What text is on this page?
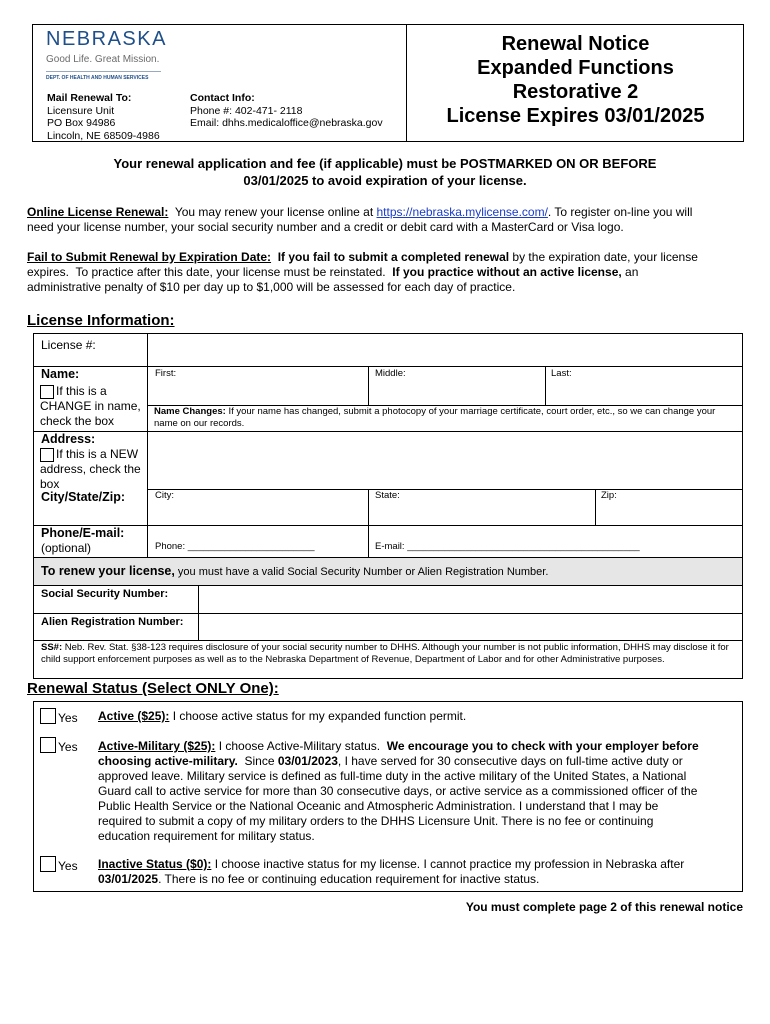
NEBRASKA
Good Life. Great Mission.
DEPT. OF HEALTH AND HUMAN SERVICES
Mail Renewal To:
Licensure Unit
PO Box 94986
Lincoln, NE 68509-4986
Contact Info:
Phone #: 402-471- 2118
Email: dhhs.medicaloffice@nebraska.gov
Renewal Notice
Expanded Functions
Restorative 2
License Expires 03/01/2025
Your renewal application and fee (if applicable) must be POSTMARKED ON OR BEFORE
03/01/2025 to avoid expiration of your license.
Online License Renewal:  You may renew your license online at https://nebraska.mylicense.com/. To register on-line you will
need your license number, your social security number and a credit or debit card with a MasterCard or Visa logo.
Fail to Submit Renewal by Expiration Date:  If you fail to submit a completed renewal by the expiration date, your license
expires.  To practice after this date, your license must be reinstated.  If you practice without an active license, an
administrative penalty of $10 per day up to $1,000 will be assessed for each day of practice.
License Information:
License #:
Name:
If this is a CHANGE in name, check the box
First:	Middle:	Last:
Name Changes: If your name has changed, submit a photocopy of your marriage certificate, court order, etc., so we can change your name on our records.
Address:
If this is a NEW address, check the box
City/State/Zip:	City:	State:	Zip:
Phone/E-mail:
(optional)	Phone: ________________________	E-mail: ____________________________________________
To renew your license, you must have a valid Social Security Number or Alien Registration Number.
Social Security Number:
Alien Registration Number:
SS#: Neb. Rev. Stat. §38-123 requires disclosure of your social security number to DHHS. Although your number is not public information, DHHS may disclose it for child support enforcement purposes as well as to the Nebraska Department of Revenue, Department of Labor and for other Administrative purposes.
Renewal Status (Select ONLY One):
Yes Active ($25): I choose active status for my expanded function permit.
Yes Active-Military ($25): I choose Active-Military status.  We encourage you to check with your employer before
choosing active-military.  Since 03/01/2023, I have served for 30 consecutive days on full-time active duty or
approved leave. Military service is defined as full-time duty in the active military of the United States, a National
Guard call to active service for more than 30 consecutive days, or active service as a commissioned officer of the
Public Health Service or the National Oceanic and Atmospheric Administration. I understand that I may be
required to submit a copy of my military orders to the DHHS Licensure Unit. There is no fee or continuing
education requirement for military status.
Yes Inactive Status ($0): I choose inactive status for my license. I cannot practice my profession in Nebraska after
03/01/2025. There is no fee or continuing education requirement for inactive status.
You must complete page 2 of this renewal notice
